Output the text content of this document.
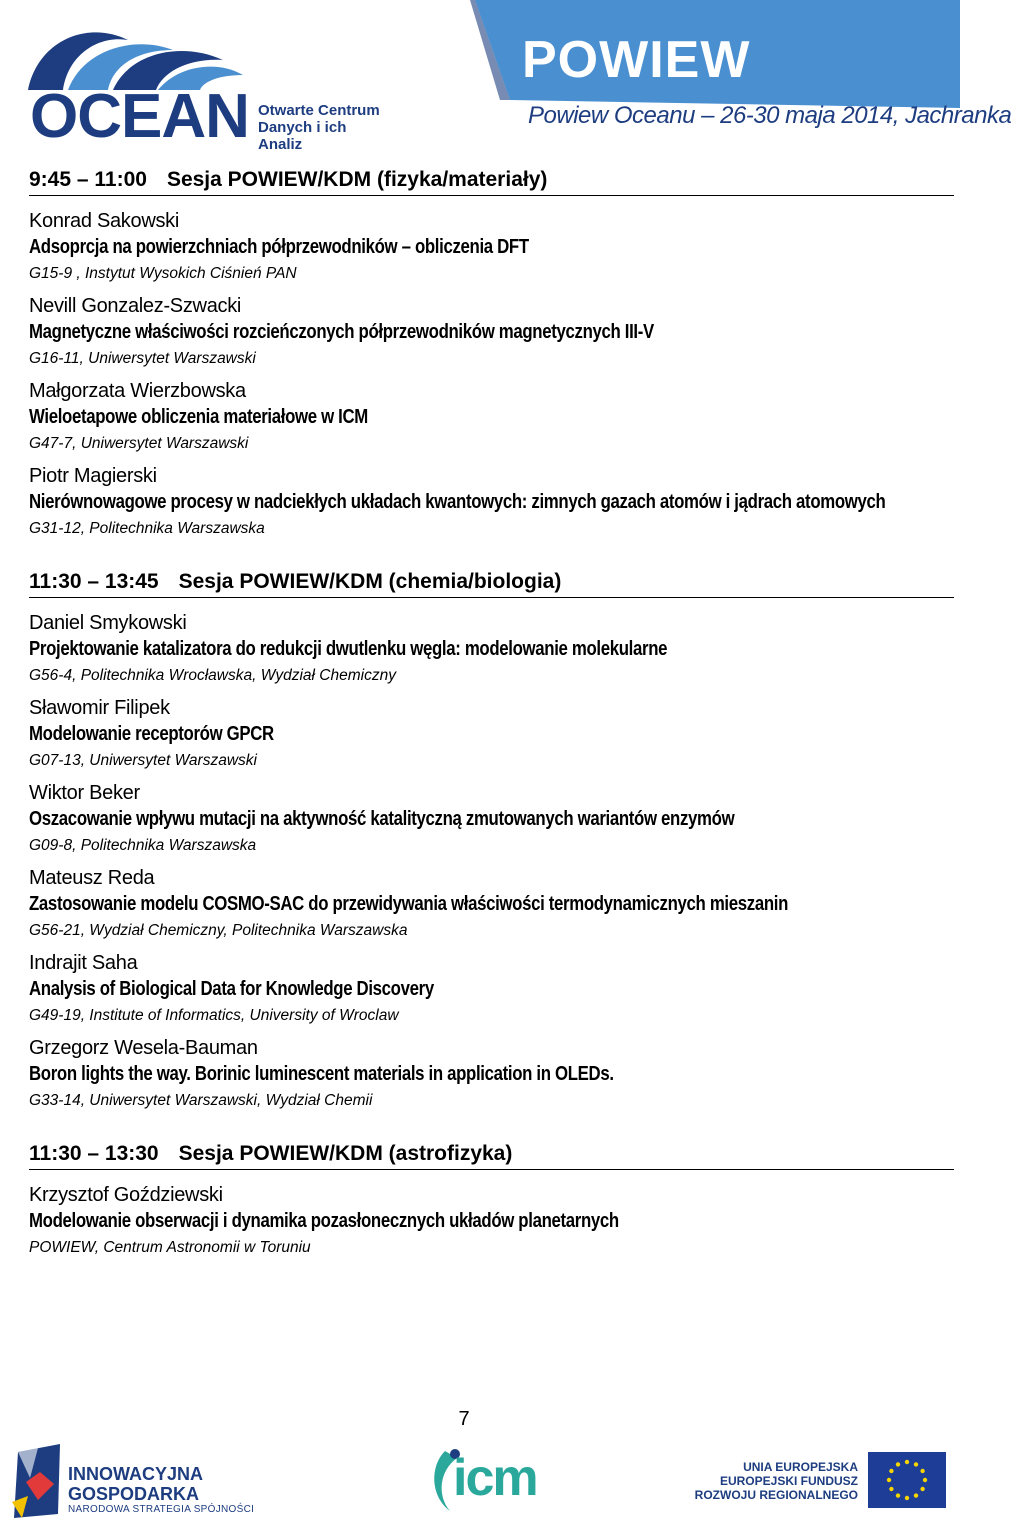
OCEAN Otwarte Centrum
Danych i ich Analiz
POWIEW
Powiew Oceanu – 26-30 maja 2014, Jachranka
9:45 – 11:00 Sesja POWIEW/KDM (fizyka/materiały)
Konrad Sakowski
Adsoprcja na powierzchniach półprzewodników – obliczenia DFT
G15-9 , Instytut Wysokich Ciśnień PAN
Nevill Gonzalez-Szwacki
Magnetyczne właściwości rozcieńczonych półprzewodników magnetycznych III-V
G16-11, Uniwersytet Warszawski
Małgorzata Wierzbowska
Wieloetapowe obliczenia materiałowe w ICM
G47-7, Uniwersytet Warszawski
Piotr Magierski
Nierównowagowe procesy w nadciekłych układach kwantowych: zimnych gazach atomów i jądrach atomowych
G31-12, Politechnika Warszawska
11:30 – 13:45 Sesja POWIEW/KDM (chemia/biologia)
Daniel Smykowski
Projektowanie katalizatora do redukcji dwutlenku węgla: modelowanie molekularne
G56-4, Politechnika Wrocławska, Wydział Chemiczny
Sławomir Filipek
Modelowanie receptorów GPCR
G07-13, Uniwersytet Warszawski
Wiktor Beker
Oszacowanie wpływu mutacji na aktywność katalityczną zmutowanych wariantów enzymów
G09-8, Politechnika Warszawska
Mateusz Reda
Zastosowanie modelu COSMO-SAC do przewidywania właściwości termodynamicznych mieszanin
G56-21, Wydział Chemiczny, Politechnika Warszawska
Indrajit Saha
Analysis of Biological Data for Knowledge Discovery
G49-19, Institute of Informatics, University of Wroclaw
Grzegorz Wesela-Bauman
Boron lights the way. Borinic luminescent materials in application in OLEDs.
G33-14, Uniwersytet Warszawski, Wydział Chemii
11:30 – 13:30 Sesja POWIEW/KDM (astrofizyka)
Krzysztof Goździewski
Modelowanie obserwacji i dynamika pozasłonecznych układów planetarnych
POWIEW, Centrum Astronomii w Toruniu
7
INNOWACYJNA
GOSPODARKA
NARODOWA STRATEGIA SPÓJNOŚCI
icm	UNIA EUROPEJSKA
EUROPEJSKI FUNDUSZ
ROZWOJU REGIONALNEGO
